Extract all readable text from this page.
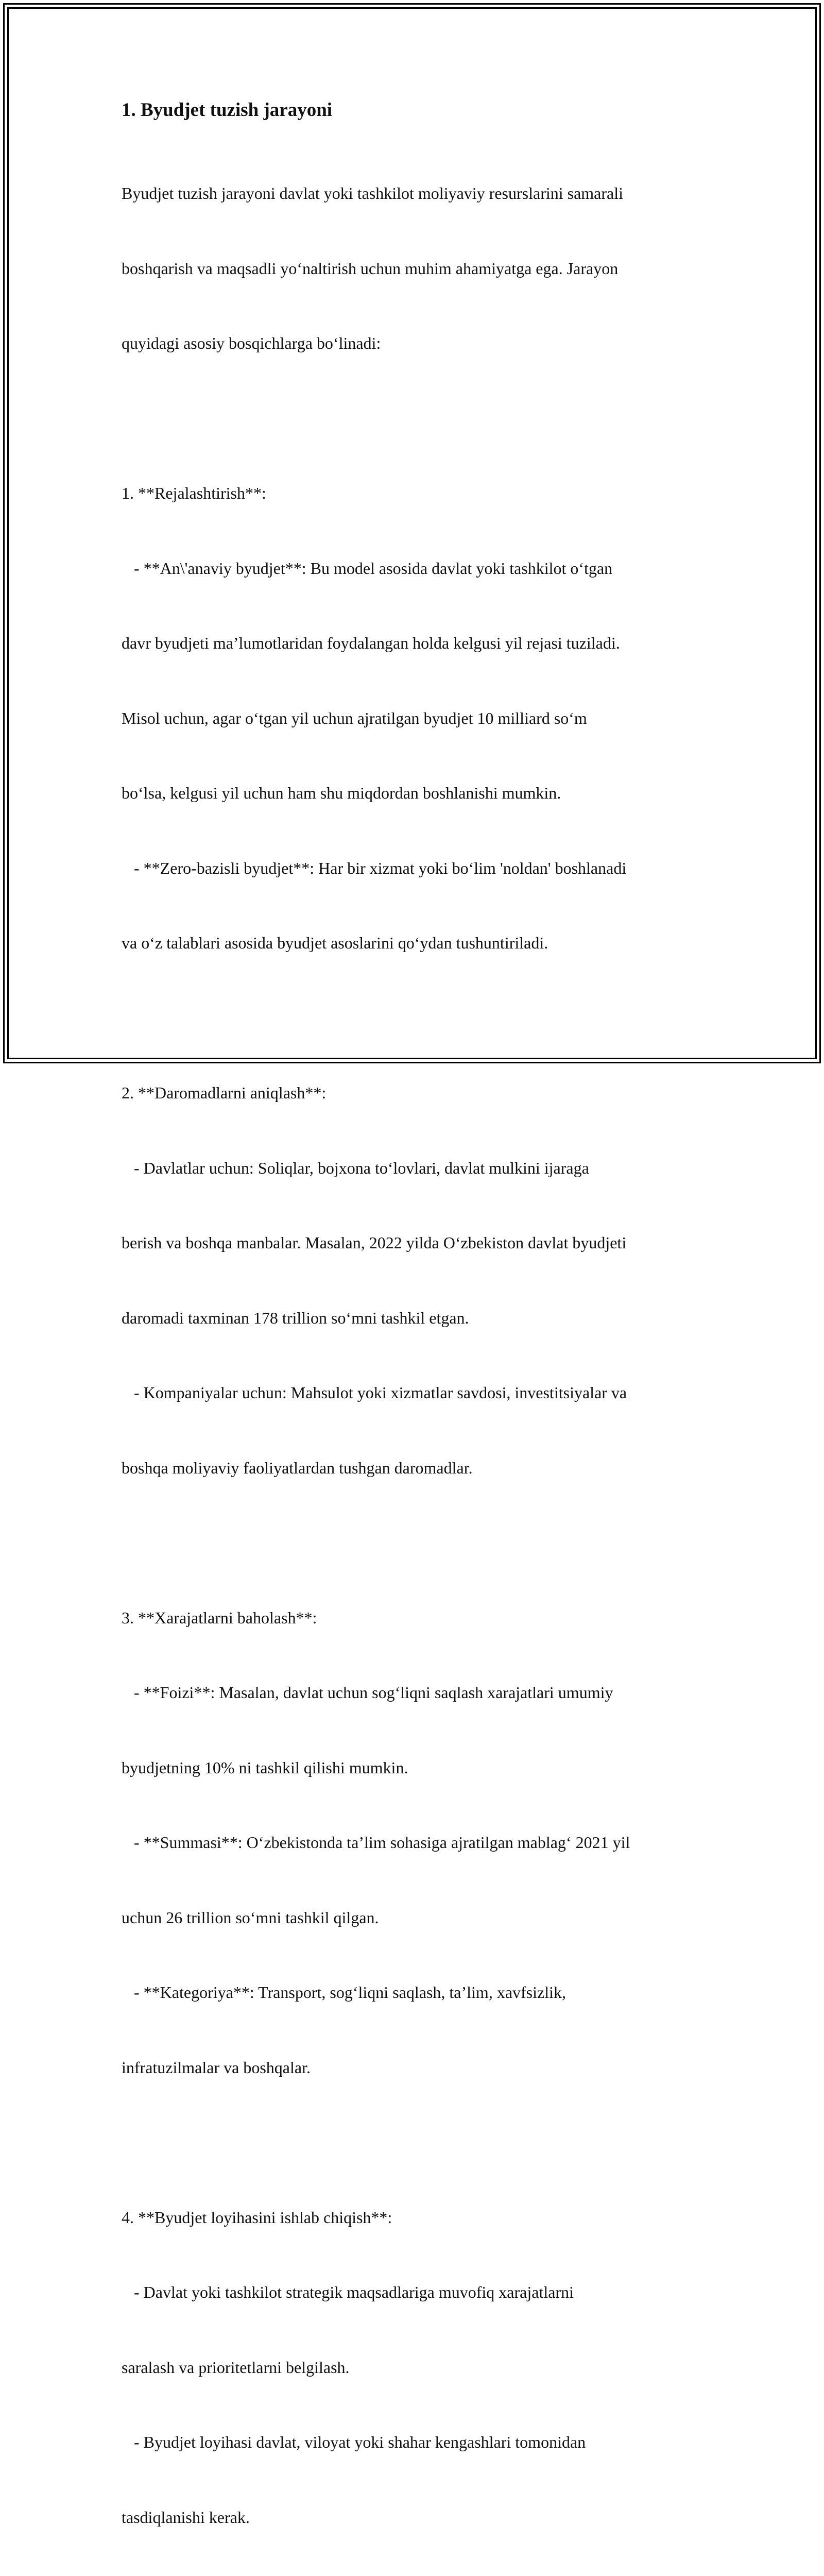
1. Byudjet tuzish jarayoni

Byudjet tuzish jarayoni davlat yoki tashkilot moliyaviy resurslarini samarali

boshqarish va maqsadli yo‘naltirish uchun muhim ahamiyatga ega. Jarayon

quyidagi asosiy bosqichlarga bo‘linadi:

1. **Rejalashtirish**:

- **An\'anaviy byudjet**: Bu model asosida davlat yoki tashkilot o‘tgan

davr byudjeti ma’lumotlaridan foydalangan holda kelgusi yil rejasi tuziladi.

Misol uchun, agar o‘tgan yil uchun ajratilgan byudjet 10 milliard so‘m

bo‘lsa, kelgusi yil uchun ham shu miqdordan boshlanishi mumkin.

- **Zero-bazisli byudjet**: Har bir xizmat yoki bo‘lim 'noldan' boshlanadi

va o‘z talablari asosida byudjet asoslarini qo‘ydan tushuntiriladi.

2. **Daromadlarni aniqlash**:

- Davlatlar uchun: Soliqlar, bojxona to‘lovlari, davlat mulkini ijaraga

berish va boshqa manbalar. Masalan, 2022 yilda O‘zbekiston davlat byudjeti

daromadi taxminan 178 trillion so‘mni tashkil etgan.

- Kompaniyalar uchun: Mahsulot yoki xizmatlar savdosi, investitsiyalar va

boshqa moliyaviy faoliyatlardan tushgan daromadlar.

3. **Xarajatlarni baholash**:

- **Foizi**: Masalan, davlat uchun sog‘liqni saqlash xarajatlari umumiy

byudjetning 10% ni tashkil qilishi mumkin.

- **Summasi**: O‘zbekistonda ta’lim sohasiga ajratilgan mablag‘ 2021 yil

uchun 26 trillion so‘mni tashkil qilgan.

- **Kategoriya**: Transport, sog‘liqni saqlash, ta’lim, xavfsizlik,

infratuzilmalar va boshqalar.

4. **Byudjet loyihasini ishlab chiqish**:

- Davlat yoki tashkilot strategik maqsadlariga muvofiq xarajatlarni

saralash va prioritetlarni belgilash.

- Byudjet loyihasi davlat, viloyat yoki shahar kengashlari tomonidan

tasdiqlanishi kerak.
